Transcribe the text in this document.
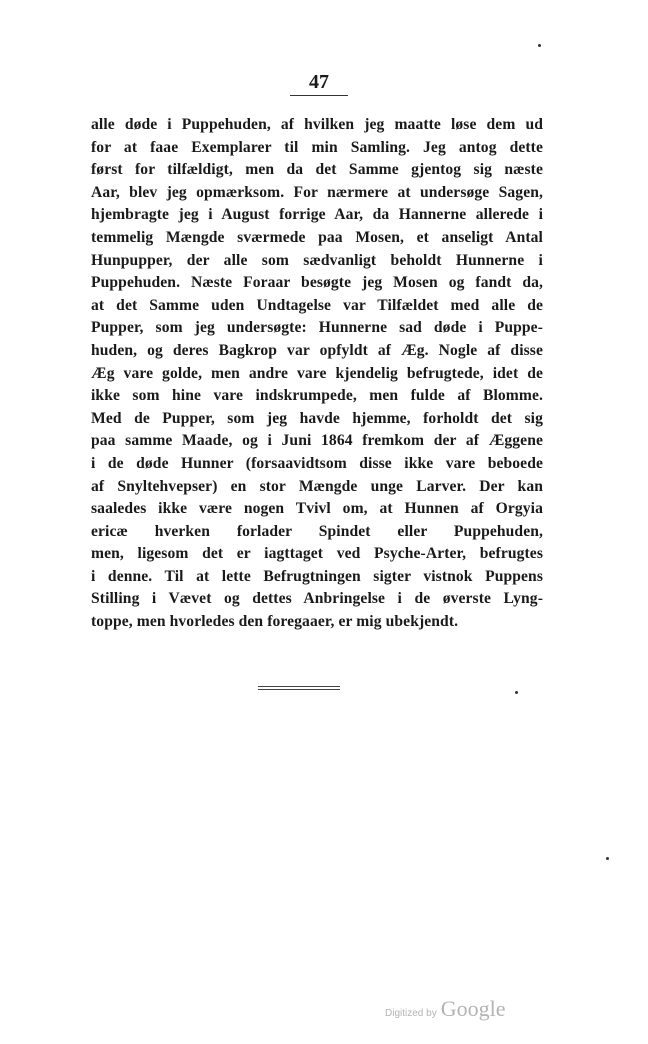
47
alle døde i Puppehuden, af hvilken jeg maatte løse dem ud
for at faae Exemplarer til min Samling. Jeg antog dette
først for tilfældigt, men da det Samme gjentog sig næste
Aar, blev jeg opmærksom. For nærmere at undersøge Sagen,
hjembragte jeg i August forrige Aar, da Hannerne allerede i
temmelig Mængde sværmede paa Mosen, et anseligt Antal
Hunpupper, der alle som sædvanligt beholdt Hunnerne i
Puppehuden. Næste Foraar besøgte jeg Mosen og fandt da,
at det Samme uden Undtagelse var Tilfældet med alle de
Pupper, som jeg undersøgte: Hunnerne sad døde i Puppe-
huden, og deres Bagkrop var opfyldt af Æg. Nogle af disse
Æg vare golde, men andre vare kjendelig befrugtede, idet de
ikke som hine vare indskrumpede, men fulde af Blomme.
Med de Pupper, som jeg havde hjemme, forholdt det sig
paa samme Maade, og i Juni 1864 fremkom der af Æggene
i de døde Hunner (forsaavidtsom disse ikke vare beboede
af Snyltehvepser) en stor Mængde unge Larver. Der kan
saaledes ikke være nogen Tvivl om, at Hunnen af Orgyia
ericæ hverken forlader Spindet eller Puppehuden,
men, ligesom det er iagttaget ved Psyche-Arter, befrugtes
i denne. Til at lette Befrugtningen sigter vistnok Puppens
Stilling i Vævet og dettes Anbringelse i de øverste Lyng-
toppe, men hvorledes den foregaaer, er mig ubekjendt.
Digitized by Google
